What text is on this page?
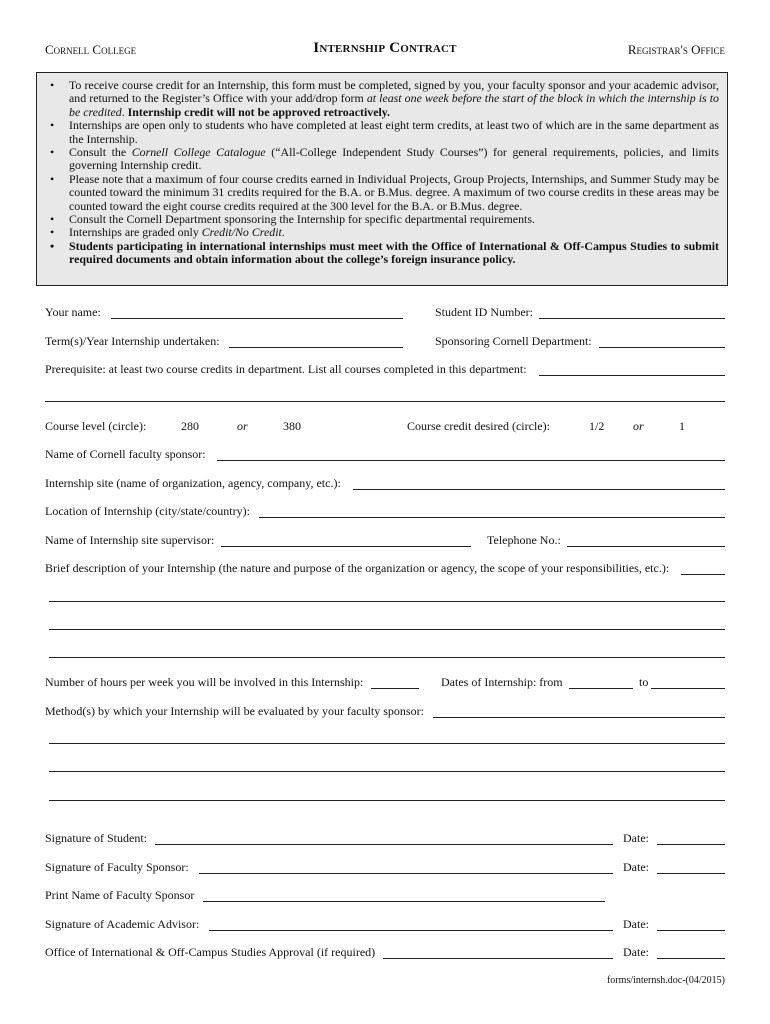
Cornell College	Internship Contract	Registrar's Office
• To receive course credit for an Internship, this form must be completed, signed by you, your faculty sponsor and your academic advisor, and returned to the Register’s Office with your add/drop form at least one week before the start of the block in which the internship is to be credited. Internship credit will not be approved retroactively.
• Internships are open only to students who have completed at least eight term credits, at least two of which are in the same department as the Internship.
• Consult the Cornell College Catalogue (“All-College Independent Study Courses”) for general requirements, policies, and limits governing Internship credit.
• Please note that a maximum of four course credits earned in Individual Projects, Group Projects, Internships, and Summer Study may be counted toward the minimum 31 credits required for the B.A. or B.Mus. degree. A maximum of two course credits in these areas may be counted toward the eight course credits required at the 300 level for the B.A. or B.Mus. degree.
• Consult the Cornell Department sponsoring the Internship for specific departmental requirements.
• Internships are graded only Credit/No Credit.
• Students participating in international internships must meet with the Office of International & Off-Campus Studies to submit required documents and obtain information about the college’s foreign insurance policy.
Your name:	Student ID Number:
Term(s)/Year Internship undertaken:	Sponsoring Cornell Department:
Prerequisite: at least two course credits in department. List all courses completed in this department:
Course level (circle):	280	or	380	Course credit desired (circle):	1/2 or	1
Name of Cornell faculty sponsor:
Internship site (name of organization, agency, company, etc.):
Location of Internship (city/state/country):
Name of Internship site supervisor:	Telephone No.:
Brief description of your Internship (the nature and purpose of the organization or agency, the scope of your responsibilities, etc.):
Number of hours per week you will be involved in this Internship:	Dates of Internship: from	to
Method(s) by which your Internship will be evaluated by your faculty sponsor:
Signature of Student:	Date:
Signature of Faculty Sponsor:	Date:
Print Name of Faculty Sponsor
Signature of Academic Advisor:	Date:
Office of International & Off-Campus Studies Approval (if required)	Date:
forms/internsh.doc-(04/2015)
